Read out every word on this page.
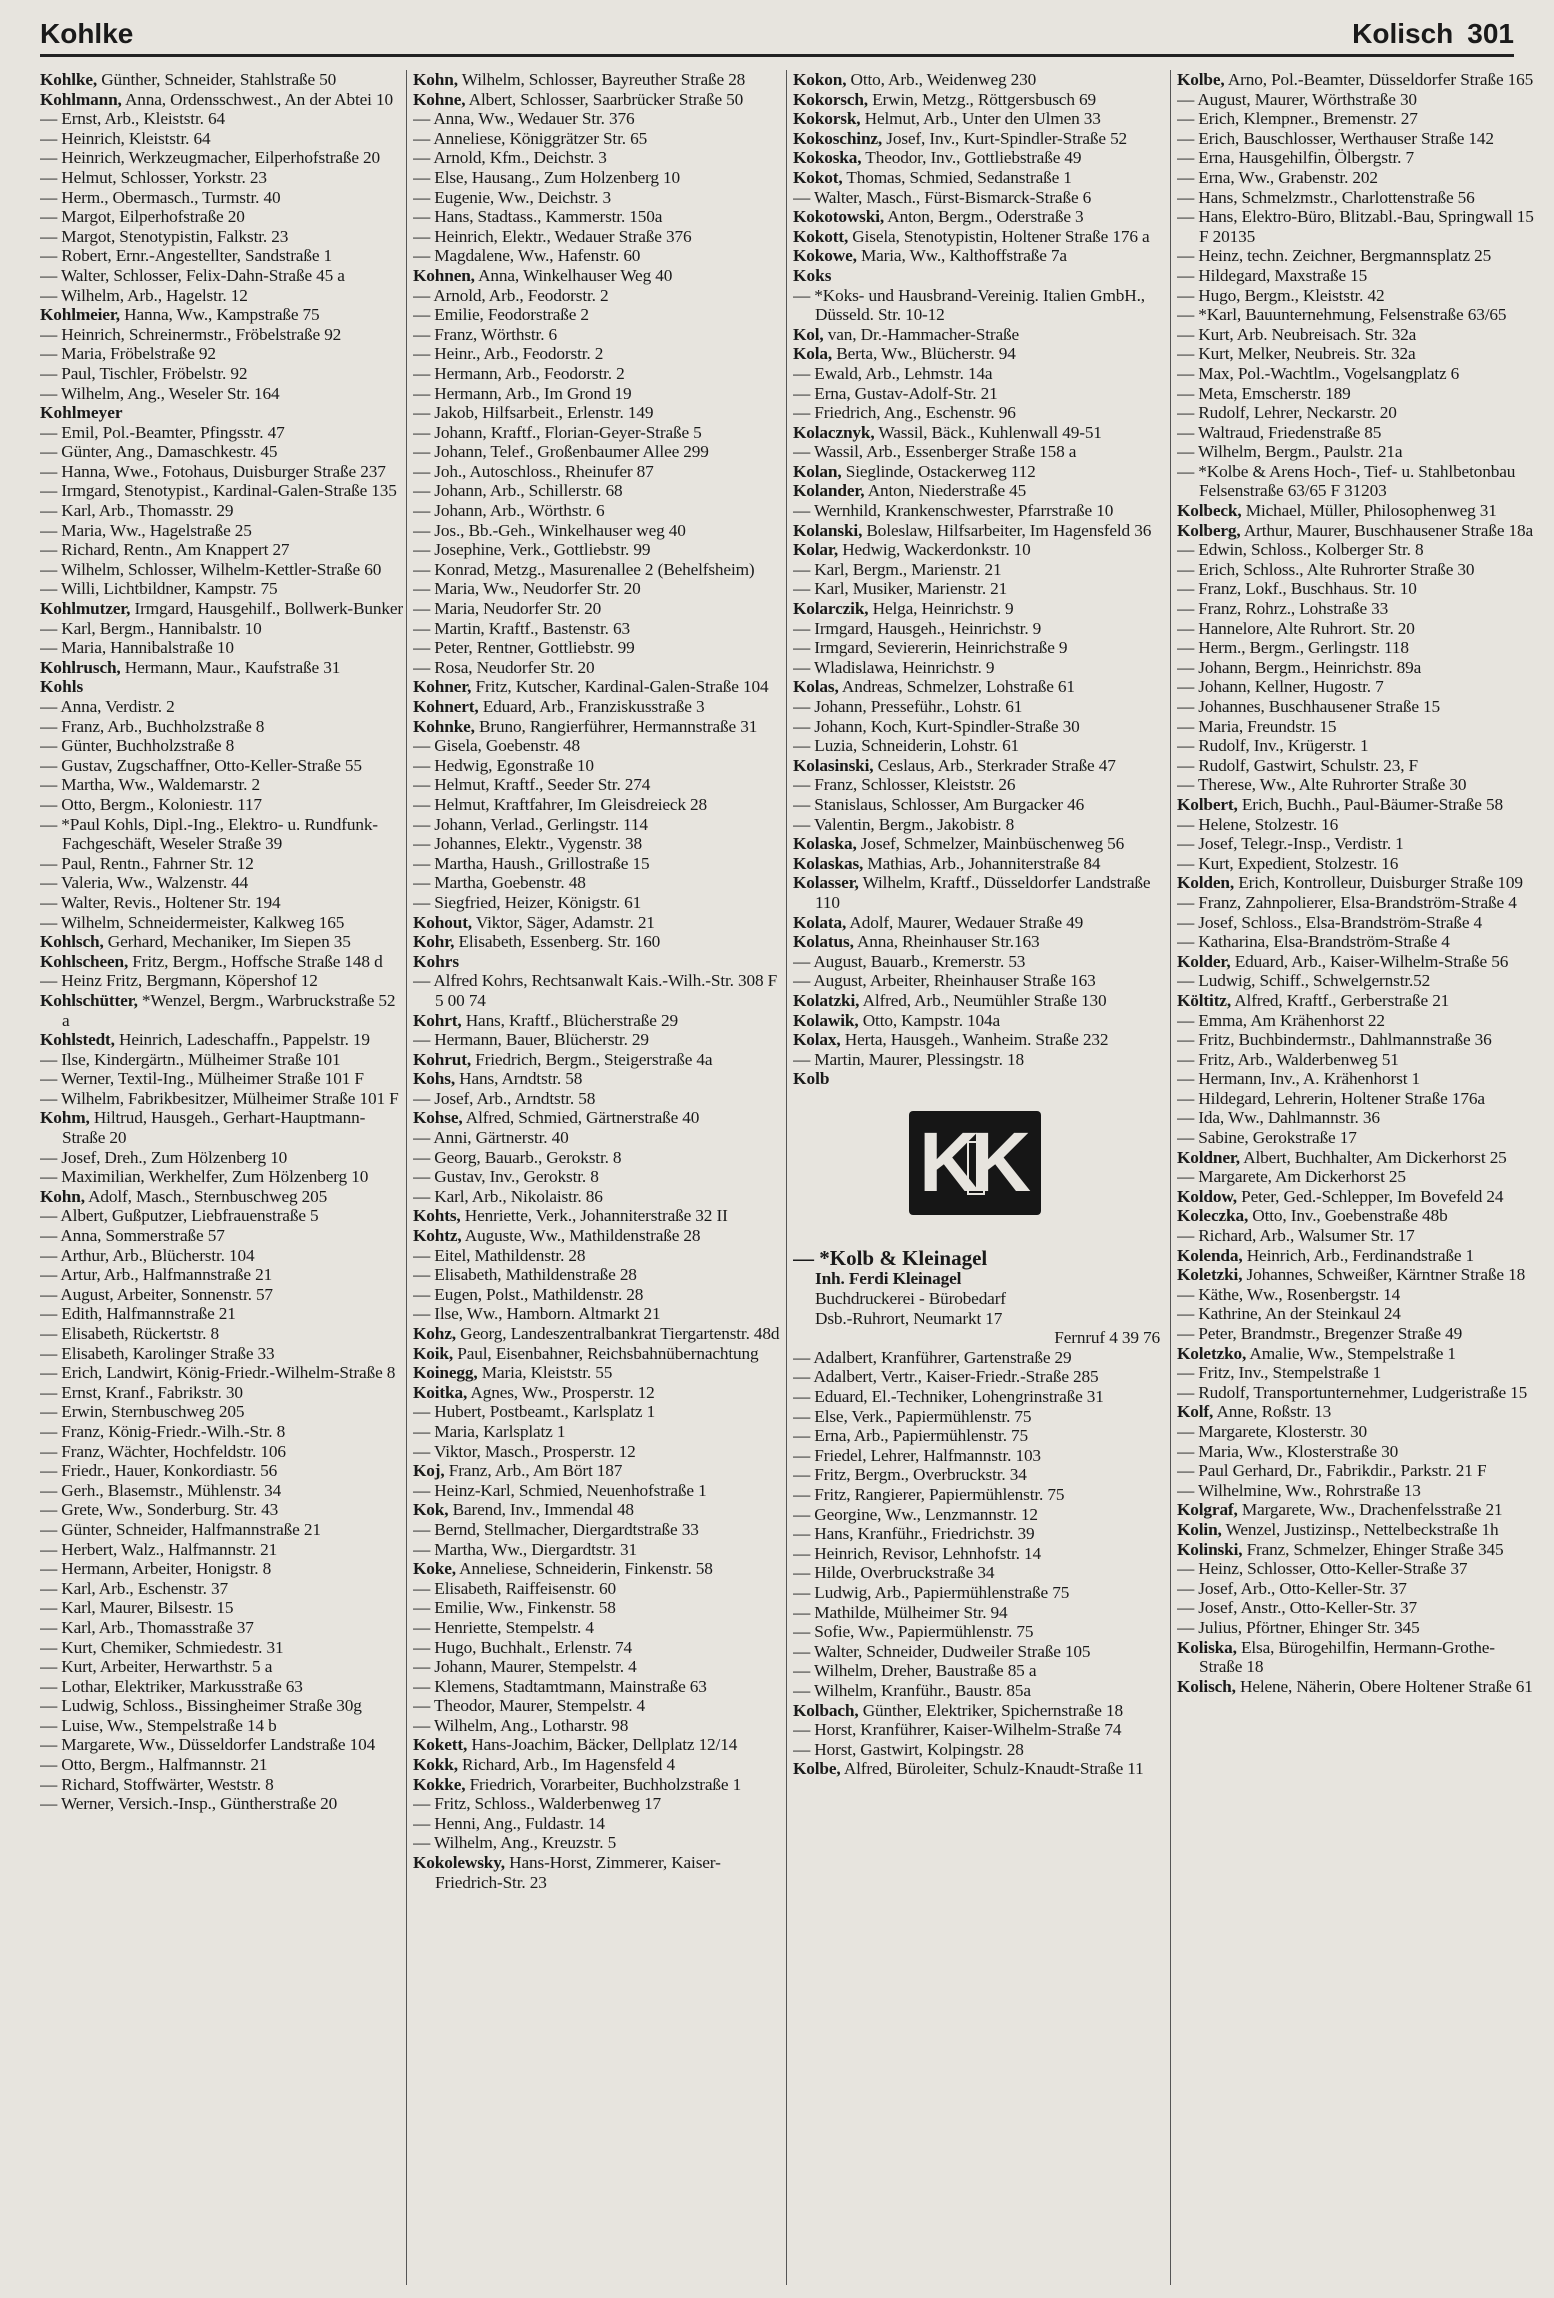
Kohlke	Kolisch 301

Kohlke, Günther, Schneider, Stahlstraße 50

Kohlmann, Anna, Ordensschwest., An der Abtei 10

— Ernst, Arb., Kleiststr. 64

— Heinrich, Kleiststr. 64

— Heinrich, Werkzeugmacher, Eilperhofstraße 20

— Helmut, Schlosser, Yorkstr. 23

— Herm., Obermasch., Turmstr. 40

— Margot, Eilperhofstraße 20

— Margot, Stenotypistin, Falkstr. 23

— Robert, Ernr.-Angestellter, Sandstraße 1

— Walter, Schlosser, Felix-Dahn-Straße 45 a

— Wilhelm, Arb., Hagelstr. 12

Kohlmeier, Hanna, Ww., Kampstraße 75

— Heinrich, Schreinermstr., Fröbelstraße 92

— Maria, Fröbelstraße 92

— Paul, Tischler, Fröbelstr. 92

— Wilhelm, Ang., Weseler Str. 164

Kohlmeyer

— Emil, Pol.-Beamter, Pfingsstr. 47

— Günter, Ang., Damaschkestr. 45

— Hanna, Wwe., Fotohaus, Duisburger Straße 237

— Irmgard, Stenotypist., Kardinal-Galen-Straße 135

— Karl, Arb., Thomasstr. 29

— Maria, Ww., Hagelstraße 25

— Richard, Rentn., Am Knappert 27

— Wilhelm, Schlosser, Wilhelm-Kettler-Straße 60

— Willi, Lichtbildner, Kampstr. 75

Kohlmutzer, Irmgard, Hausgehilf., Bollwerk-Bunker

— Karl, Bergm., Hannibalstr. 10

— Maria, Hannibalstraße 10

Kohlrusch, Hermann, Maur., Kaufstraße 31

Kohls

— Anna, Verdistr. 2

— Franz, Arb., Buchholzstraße 8

— Günter, Buchholzstraße 8

— Gustav, Zugschaffner, Otto-Keller-Straße 55

— Martha, Ww., Waldemarstr. 2

— Otto, Bergm., Koloniestr. 117

— *Paul Kohls, Dipl.-Ing., Elektro- u. Rundfunk-Fachgeschäft, Weseler Straße 39

— Paul, Rentn., Fahrner Str. 12

— Valeria, Ww., Walzenstr. 44

— Walter, Revis., Holtener Str. 194

— Wilhelm, Schneidermeister, Kalkweg 165

Kohlsch, Gerhard, Mechaniker, Im Siepen 35

Kohlscheen, Fritz, Bergm., Hoffsche Straße 148 d

— Heinz Fritz, Bergmann, Köpershof 12

Kohlschütter, *Wenzel, Bergm., Warbruckstraße 52 a

Kohlstedt, Heinrich, Ladeschaffn., Pappelstr. 19

— Ilse, Kindergärtn., Mülheimer Straße 101

— Werner, Textil-Ing., Mülheimer Straße 101 F

— Wilhelm, Fabrikbesitzer, Mülheimer Straße 101 F

Kohm, Hiltrud, Hausgeh., Gerhart-Hauptmann-Straße 20

— Josef, Dreh., Zum Hölzenberg 10

— Maximilian, Werkhelfer, Zum Hölzenberg 10

Kohn, Adolf, Masch., Sternbuschweg 205

— Albert, Gußputzer, Liebfrauenstraße 5

— Anna, Sommerstraße 57

— Arthur, Arb., Blücherstr. 104

— Artur, Arb., Halfmannstraße 21

— August, Arbeiter, Sonnenstr. 57

— Edith, Halfmannstraße 21

— Elisabeth, Rückertstr. 8

— Elisabeth, Karolinger Straße 33

— Erich, Landwirt, König-Friedr.-Wilhelm-Straße 8

— Ernst, Kranf., Fabrikstr. 30

— Erwin, Sternbuschweg 205

— Franz, König-Friedr.-Wilh.-Str. 8

— Franz, Wächter, Hochfeldstr. 106

— Friedr., Hauer, Konkordiastr. 56

— Gerh., Blasemstr., Mühlenstr. 34

— Grete, Ww., Sonderburg. Str. 43

— Günter, Schneider, Halfmannstraße 21

— Herbert, Walz., Halfmannstr. 21

— Hermann, Arbeiter, Honigstr. 8

— Karl, Arb., Eschenstr. 37

— Karl, Maurer, Bilsestr. 15

— Karl, Arb., Thomasstraße 37

— Kurt, Chemiker, Schmiedestr. 31

— Kurt, Arbeiter, Herwarthstr. 5 a

— Lothar, Elektriker, Markusstraße 63

— Ludwig, Schloss., Bissingheimer Straße 30g

— Luise, Ww., Stempelstraße 14 b

— Margarete, Ww., Düsseldorfer Landstraße 104

— Otto, Bergm., Halfmannstr. 21

— Richard, Stoffwärter, Weststr. 8

— Werner, Versich.-Insp., Güntherstraße 20

Kohn, Wilhelm, Schlosser, Bayreuther Straße 28

Kohne, Albert, Schlosser, Saarbrücker Straße 50

— Anna, Ww., Wedauer Str. 376

— Anneliese, Königgrätzer Str. 65

— Arnold, Kfm., Deichstr. 3

— Else, Hausang., Zum Holzenberg 10

— Eugenie, Ww., Deichstr. 3

— Hans, Stadtass., Kammerstr. 150a

— Heinrich, Elektr., Wedauer Straße 376

— Magdalene, Ww., Hafenstr. 60

Kohnen, Anna, Winkelhauser Weg 40

— Arnold, Arb., Feodorstr. 2

— Emilie, Feodorstraße 2

— Franz, Wörthstr. 6

— Heinr., Arb., Feodorstr. 2

— Hermann, Arb., Feodorstr. 2

— Hermann, Arb., Im Grond 19

— Jakob, Hilfsarbeit., Erlenstr. 149

— Johann, Kraftf., Florian-Geyer-Straße 5

— Johann, Telef., Großenbaumer Allee 299

— Joh., Autoschloss., Rheinufer 87

— Johann, Arb., Schillerstr. 68

— Johann, Arb., Wörthstr. 6

— Jos., Bb.-Geh., Winkelhauser weg 40

— Josephine, Verk., Gottliebstr. 99

— Konrad, Metzg., Masurenallee 2 (Behelfsheim)

— Maria, Ww., Neudorfer Str. 20

— Maria, Neudorfer Str. 20

— Martin, Kraftf., Bastenstr. 63

— Peter, Rentner, Gottliebstr. 99

— Rosa, Neudorfer Str. 20

Kohner, Fritz, Kutscher, Kardinal-Galen-Straße 104

Kohnert, Eduard, Arb., Franziskusstraße 3

Kohnke, Bruno, Rangierführer, Hermannstraße 31

— Gisela, Goebenstr. 48

— Hedwig, Egonstraße 10

— Helmut, Kraftf., Seeder Str. 274

— Helmut, Kraftfahrer, Im Gleisdreieck 28

— Johann, Verlad., Gerlingstr. 114

— Johannes, Elektr., Vygenstr. 38

— Martha, Haush., Grillostraße 15

— Martha, Goebenstr. 48

— Siegfried, Heizer, Königstr. 61

Kohout, Viktor, Säger, Adamstr. 21

Kohr, Elisabeth, Essenberg. Str. 160

Kohrs

— Alfred Kohrs, Rechtsanwalt Kais.-Wilh.-Str. 308 F 5 00 74

Kohrt, Hans, Kraftf., Blücherstraße 29

— Hermann, Bauer, Blücherstr. 29

Kohrut, Friedrich, Bergm., Steigerstraße 4a

Kohs, Hans, Arndtstr. 58

— Josef, Arb., Arndtstr. 58

Kohse, Alfred, Schmied, Gärtnerstraße 40

— Anni, Gärtnerstr. 40

— Georg, Bauarb., Gerokstr. 8

— Gustav, Inv., Gerokstr. 8

— Karl, Arb., Nikolaistr. 86

Kohts, Henriette, Verk., Johanniterstraße 32 II

Kohtz, Auguste, Ww., Mathildenstraße 28

— Eitel, Mathildenstr. 28

— Elisabeth, Mathildenstraße 28

— Eugen, Polst., Mathildenstr. 28

— Ilse, Ww., Hamborn. Altmarkt 21

Kohz, Georg, Landeszentralbankrat Tiergartenstr. 48d

Koik, Paul, Eisenbahner, Reichsbahnübernachtung

Koinegg, Maria, Kleiststr. 55

Koitka, Agnes, Ww., Prosperstr. 12

— Hubert, Postbeamt., Karlsplatz 1

— Maria, Karlsplatz 1

— Viktor, Masch., Prosperstr. 12

Koj, Franz, Arb., Am Bört 187

— Heinz-Karl, Schmied, Neuenhofstraße 1

Kok, Barend, Inv., Immendal 48

— Bernd, Stellmacher, Diergardtstraße 33

— Martha, Ww., Diergardtstr. 31

Koke, Anneliese, Schneiderin, Finkenstr. 58

— Elisabeth, Raiffeisenstr. 60

— Emilie, Ww., Finkenstr. 58

— Henriette, Stempelstr. 4

— Hugo, Buchhalt., Erlenstr. 74

— Johann, Maurer, Stempelstr. 4

— Klemens, Stadtamtmann, Mainstraße 63

— Theodor, Maurer, Stempelstr. 4

— Wilhelm, Ang., Lotharstr. 98

Kokett, Hans-Joachim, Bäcker, Dellplatz 12/14

Kokk, Richard, Arb., Im Hagensfeld 4

Kokke, Friedrich, Vorarbeiter, Buchholzstraße 1

— Fritz, Schloss., Walderbenweg 17

— Henni, Ang., Fuldastr. 14

— Wilhelm, Ang., Kreuzstr. 5

Kokolewsky, Hans-Horst, Zimmerer, Kaiser-Friedrich-Str. 23

Kokon, Otto, Arb., Weidenweg 230

Kokorsch, Erwin, Metzg., Röttgersbusch 69

Kokorsk, Helmut, Arb., Unter den Ulmen 33

Kokoschinz, Josef, Inv., Kurt-Spindler-Straße 52

Kokoska, Theodor, Inv., Gottliebstraße 49

Kokot, Thomas, Schmied, Sedanstraße 1

— Walter, Masch., Fürst-Bismarck-Straße 6

Kokotowski, Anton, Bergm., Oderstraße 3

Kokott, Gisela, Stenotypistin, Holtener Straße 176 a

Kokowe, Maria, Ww., Kalthoffstraße 7a

Koks

— *Koks- und Hausbrand-Vereinig. Italien GmbH., Düsseld. Str. 10-12

Kol, van, Dr.-Hammacher-Straße

Kola, Berta, Ww., Blücherstr. 94

— Ewald, Arb., Lehmstr. 14a

— Erna, Gustav-Adolf-Str. 21

— Friedrich, Ang., Eschenstr. 96

Kolacznyk, Wassil, Bäck., Kuhlenwall 49-51

— Wassil, Arb., Essenberger Straße 158 a

Kolan, Sieglinde, Ostackerweg 112

Kolander, Anton, Niederstraße 45

— Wernhild, Krankenschwester, Pfarrstraße 10

Kolanski, Boleslaw, Hilfsarbeiter, Im Hagensfeld 36

Kolar, Hedwig, Wackerdonkstr. 10

— Karl, Bergm., Marienstr. 21

— Karl, Musiker, Marienstr. 21

Kolarczik, Helga, Heinrichstr. 9

— Irmgard, Hausgeh., Heinrichstr. 9

— Irmgard, Seviererin, Heinrichstraße 9

— Wladislawa, Heinrichstr. 9

Kolas, Andreas, Schmelzer, Lohstraße 61

— Johann, Presseführ., Lohstr. 61

— Johann, Koch, Kurt-Spindler-Straße 30

— Luzia, Schneiderin, Lohstr. 61

Kolasinski, Ceslaus, Arb., Sterkrader Straße 47

— Franz, Schlosser, Kleiststr. 26

— Stanislaus, Schlosser, Am Burgacker 46

— Valentin, Bergm., Jakobistr. 8

Kolaska, Josef, Schmelzer, Mainbüschenweg 56

Kolaskas, Mathias, Arb., Johanniterstraße 84

Kolasser, Wilhelm, Kraftf., Düsseldorfer Landstraße 110

Kolata, Adolf, Maurer, Wedauer Straße 49

Kolatus, Anna, Rheinhauser Str.163

— August, Bauarb., Kremerstr. 53

— August, Arbeiter, Rheinhauser Straße 163

Kolatzki, Alfred, Arb., Neumühler Straße 130

Kolawik, Otto, Kampstr. 104a

Kolax, Herta, Hausgeh., Wanheim. Straße 232

— Martin, Maurer, Plessingstr. 18

Kolb

K
K

— *Kolb & Kleinagel

Inh. Ferdi Kleinagel

Buchdruckerei - Bürobedarf

Dsb.-Ruhrort, Neumarkt 17

Fernruf 4 39 76

— Adalbert, Kranführer, Gartenstraße 29

— Adalbert, Vertr., Kaiser-Friedr.-Straße 285

— Eduard, El.-Techniker, Lohengrinstraße 31

— Else, Verk., Papiermühlenstr. 75

— Erna, Arb., Papiermühlenstr. 75

— Friedel, Lehrer, Halfmannstr. 103

— Fritz, Bergm., Overbruckstr. 34

— Fritz, Rangierer, Papiermühlenstr. 75

— Georgine, Ww., Lenzmannstr. 12

— Hans, Kranführ., Friedrichstr. 39

— Heinrich, Revisor, Lehnhofstr. 14

— Hilde, Overbruckstraße 34

— Ludwig, Arb., Papiermühlenstraße 75

— Mathilde, Mülheimer Str. 94

— Sofie, Ww., Papiermühlenstr. 75

— Walter, Schneider, Dudweiler Straße 105

— Wilhelm, Dreher, Baustraße 85 a

— Wilhelm, Kranführ., Baustr. 85a

Kolbach, Günther, Elektriker, Spichernstraße 18

— Horst, Kranführer, Kaiser-Wilhelm-Straße 74

— Horst, Gastwirt, Kolpingstr. 28

Kolbe, Alfred, Büroleiter, Schulz-Knaudt-Straße 11

Kolbe, Arno, Pol.-Beamter, Düsseldorfer Straße 165

— August, Maurer, Wörthstraße 30

— Erich, Klempner., Bremenstr. 27

— Erich, Bauschlosser, Werthauser Straße 142

— Erna, Hausgehilfin, Ölbergstr. 7

— Erna, Ww., Grabenstr. 202

— Hans, Schmelzmstr., Charlottenstraße 56

— Hans, Elektro-Büro, Blitzabl.-Bau, Springwall 15 F 20135

— Heinz, techn. Zeichner, Bergmannsplatz 25

— Hildegard, Maxstraße 15

— Hugo, Bergm., Kleiststr. 42

— *Karl, Bauunternehmung, Felsenstraße 63/65

— Kurt, Arb. Neubreisach. Str. 32a

— Kurt, Melker, Neubreis. Str. 32a

— Max, Pol.-Wachtlm., Vogelsangplatz 6

— Meta, Emscherstr. 189

— Rudolf, Lehrer, Neckarstr. 20

— Waltraud, Friedenstraße 85

— Wilhelm, Bergm., Paulstr. 21a

— *Kolbe & Arens Hoch-, Tief- u. Stahlbetonbau Felsenstraße 63/65 F 31203

Kolbeck, Michael, Müller, Philosophenweg 31

Kolberg, Arthur, Maurer, Buschhausener Straße 18a

— Edwin, Schloss., Kolberger Str. 8

— Erich, Schloss., Alte Ruhrorter Straße 30

— Franz, Lokf., Buschhaus. Str. 10

— Franz, Rohrz., Lohstraße 33

— Hannelore, Alte Ruhrort. Str. 20

— Herm., Bergm., Gerlingstr. 118

— Johann, Bergm., Heinrichstr. 89a

— Johann, Kellner, Hugostr. 7

— Johannes, Buschhausener Straße 15

— Maria, Freundstr. 15

— Rudolf, Inv., Krügerstr. 1

— Rudolf, Gastwirt, Schulstr. 23, F

— Therese, Ww., Alte Ruhrorter Straße 30

Kolbert, Erich, Buchh., Paul-Bäumer-Straße 58

— Helene, Stolzestr. 16

— Josef, Telegr.-Insp., Verdistr. 1

— Kurt, Expedient, Stolzestr. 16

Kolden, Erich, Kontrolleur, Duisburger Straße 109

— Franz, Zahnpolierer, Elsa-Brandström-Straße 4

— Josef, Schloss., Elsa-Brandström-Straße 4

— Katharina, Elsa-Brandström-Straße 4

Kolder, Eduard, Arb., Kaiser-Wilhelm-Straße 56

— Ludwig, Schiff., Schwelgernstr.52

Költitz, Alfred, Kraftf., Gerberstraße 21

— Emma, Am Krähenhorst 22

— Fritz, Buchbindermstr., Dahlmannstraße 36

— Fritz, Arb., Walderbenweg 51

— Hermann, Inv., A. Krähenhorst 1

— Hildegard, Lehrerin, Holtener Straße 176a

— Ida, Ww., Dahlmannstr. 36

— Sabine, Gerokstraße 17

Koldner, Albert, Buchhalter, Am Dickerhorst 25

— Margarete, Am Dickerhorst 25

Koldow, Peter, Ged.-Schlepper, Im Bovefeld 24

Koleczka, Otto, Inv., Goebenstraße 48b

— Richard, Arb., Walsumer Str. 17

Kolenda, Heinrich, Arb., Ferdinandstraße 1

Koletzki, Johannes, Schweißer, Kärntner Straße 18

— Käthe, Ww., Rosenbergstr. 14

— Kathrine, An der Steinkaul 24

— Peter, Brandmstr., Bregenzer Straße 49

Koletzko, Amalie, Ww., Stempelstraße 1

— Fritz, Inv., Stempelstraße 1

— Rudolf, Transportunternehmer, Ludgeristraße 15

Kolf, Anne, Roßstr. 13

— Margarete, Klosterstr. 30

— Maria, Ww., Klosterstraße 30

— Paul Gerhard, Dr., Fabrikdir., Parkstr. 21 F

— Wilhelmine, Ww., Rohrstraße 13

Kolgraf, Margarete, Ww., Drachenfelsstraße 21

Kolin, Wenzel, Justizinsp., Nettelbeckstraße 1h

Kolinski, Franz, Schmelzer, Ehinger Straße 345

— Heinz, Schlosser, Otto-Keller-Straße 37

— Josef, Arb., Otto-Keller-Str. 37

— Josef, Anstr., Otto-Keller-Str. 37

— Julius, Pförtner, Ehinger Str. 345

Koliska, Elsa, Bürogehilfin, Hermann-Grothe-Straße 18

Kolisch, Helene, Näherin, Obere Holtener Straße 61
